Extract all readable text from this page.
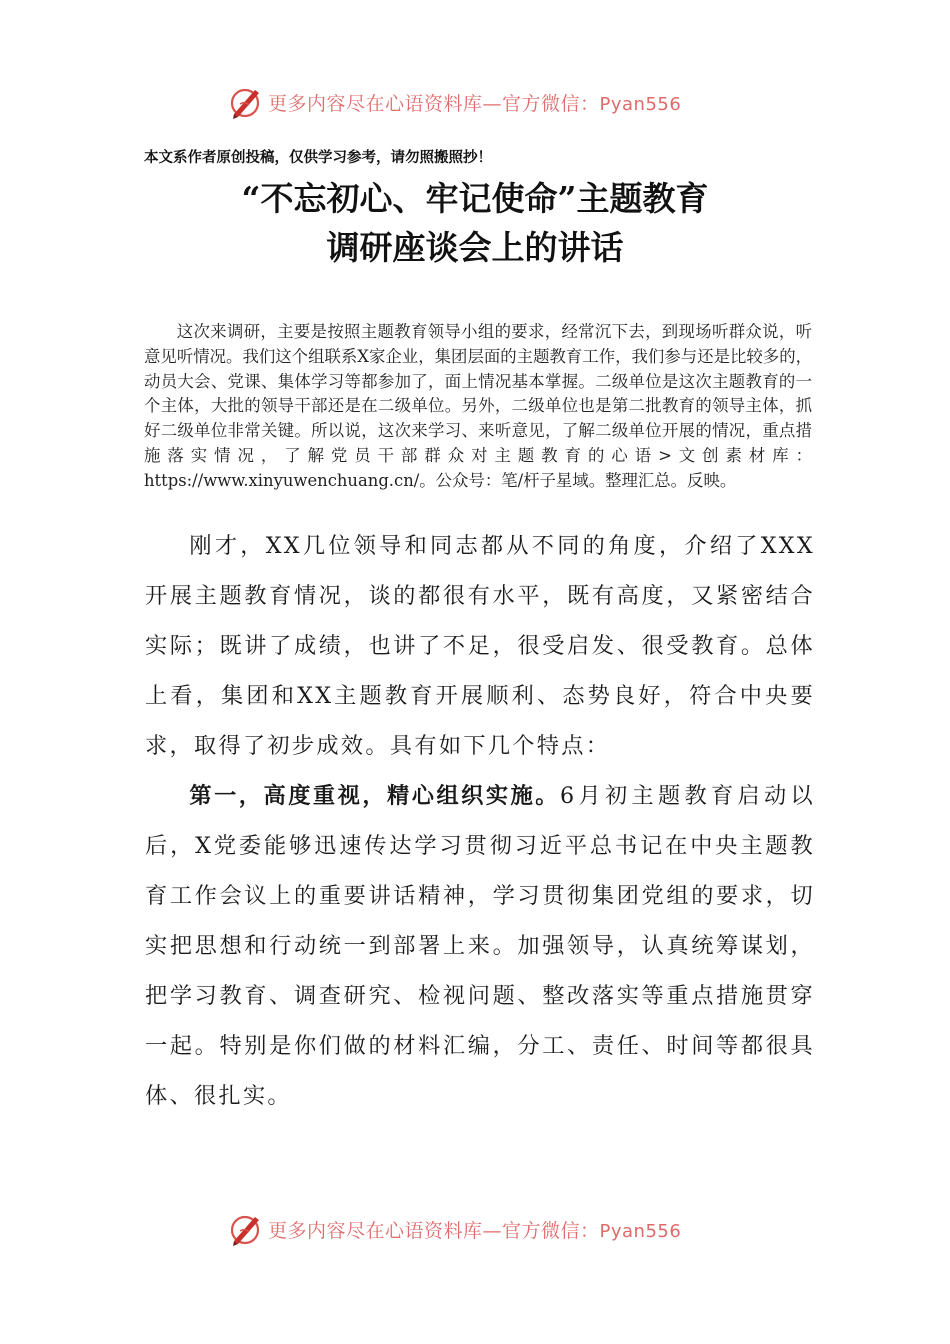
更多内容尽在心语资料库—官方微信：Pyan556
本文系作者原创投稿，仅供学习参考，请勿照搬照抄！
“不忘初心、牢记使命”主题教育
调研座谈会上的讲话

这次来调研，主要是按照主题教育领导小组的要求，经常沉下去，到现场听群众说，听意见听情况。我们这个组联系X家企业，集团层面的主题教育工作，我们参与还是比较多的，动员大会、党课、集体学习等都参加了，面上情况基本掌握。二级单位是这次主题教育的一个主体，大批的领导干部还是在二级单位。另外，二级单位也是第二批教育的领导主体，抓好二级单位非常关键。所以说，这次来学习、来听意见，了解二级单位开展的情况，重点措施落实情况，了解党员干部群众对主题教育的心语>文创素材库：https://www.xinyuwenchuang.cn/。公众号：笔/杆子星域。整理汇总。反映。

刚才，XX几位领导和同志都从不同的角度，介绍了XXX开展主题教育情况，谈的都很有水平，既有高度，又紧密结合实际；既讲了成绩，也讲了不足，很受启发、很受教育。总体上看，集团和XX主题教育开展顺利、态势良好，符合中央要求，取得了初步成效。具有如下几个特点：

第一，高度重视，精心组织实施。6月初主题教育启动以后，X党委能够迅速传达学习贯彻习近平总书记在中央主题教育工作会议上的重要讲话精神，学习贯彻集团党组的要求，切实把思想和行动统一到部署上来。加强领导，认真统筹谋划，把学习教育、调查研究、检视问题、整改落实等重点措施贯穿一起。特别是你们做的材料汇编，分工、责任、时间等都很具体、很扎实。

更多内容尽在心语资料库—官方微信：Pyan556
